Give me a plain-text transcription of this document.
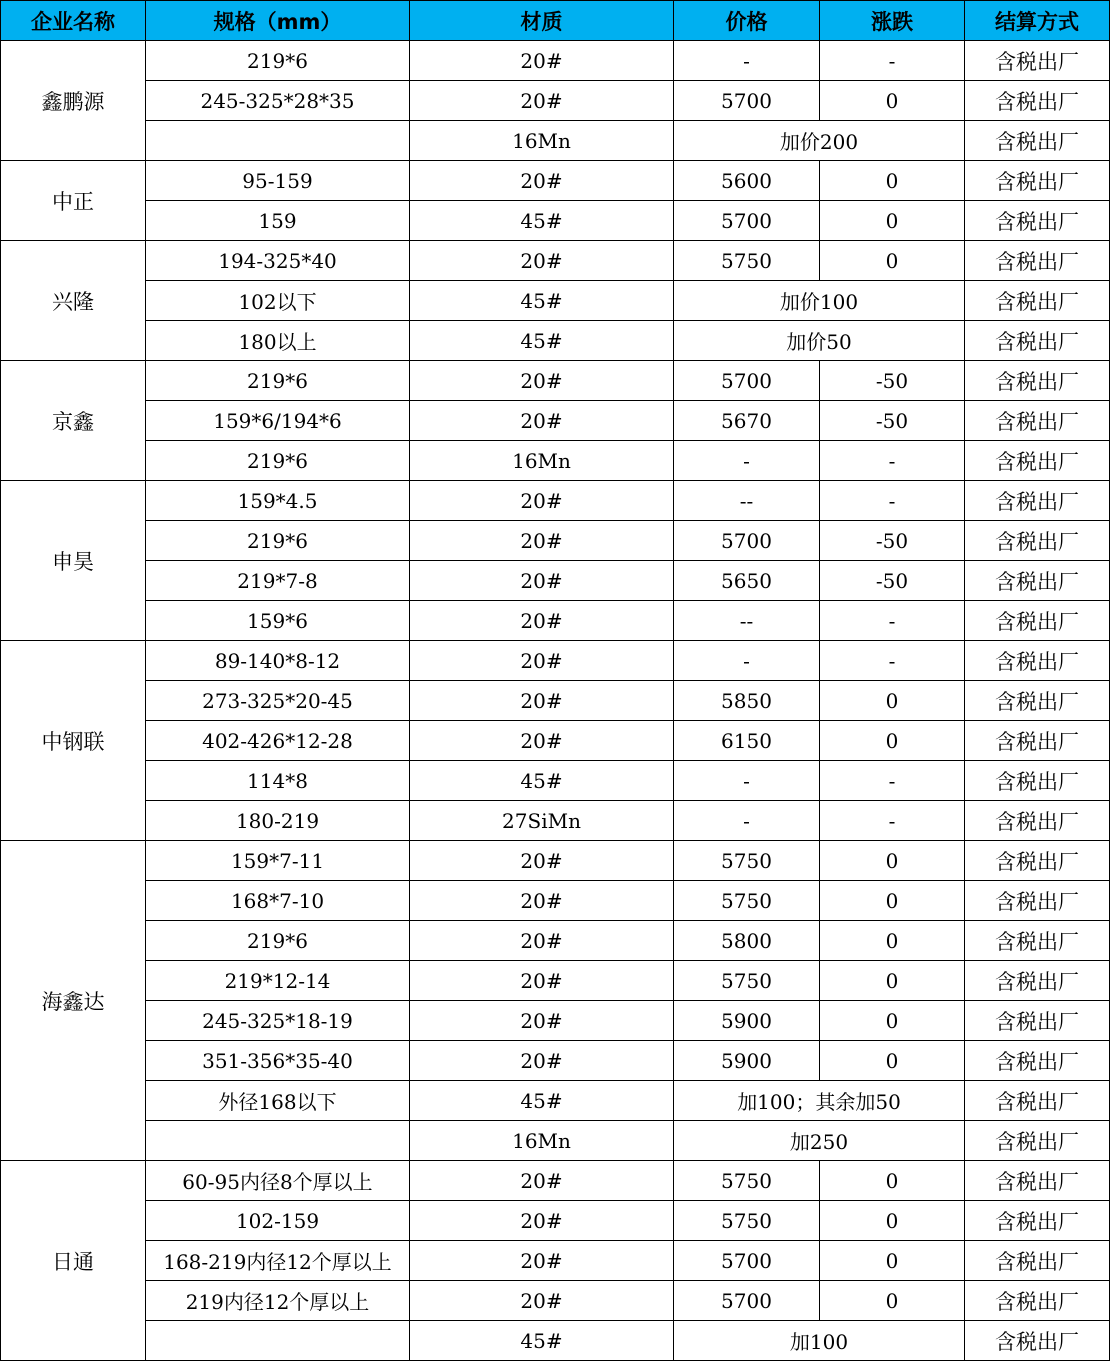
企业名称	规格（mm）	材质	价格	涨跌	结算方式
鑫鹏源	219*6	20#	-	-	含税出厂
	245-325*28*35	20#	5700	0	含税出厂
		16Mn	加价200		含税出厂
中正	95-159	20#	5600	0	含税出厂
	159	45#	5700	0	含税出厂
兴隆	194-325*40	20#	5750	0	含税出厂
	102以下	45#	加价100		含税出厂
	180以上	45#	加价50		含税出厂
京鑫	219*6	20#	5700	-50	含税出厂
	159*6/194*6	20#	5670	-50	含税出厂
	219*6	16Mn	-	-	含税出厂
申昊	159*4.5	20#	--	-	含税出厂
	219*6	20#	5700	-50	含税出厂
	219*7-8	20#	5650	-50	含税出厂
	159*6	20#	--	-	含税出厂
中钢联	89-140*8-12	20#	-	-	含税出厂
	273-325*20-45	20#	5850	0	含税出厂
	402-426*12-28	20#	6150	0	含税出厂
	114*8	45#	-	-	含税出厂
	180-219	27SiMn	-	-	含税出厂
海鑫达	159*7-11	20#	5750	0	含税出厂
	168*7-10	20#	5750	0	含税出厂
	219*6	20#	5800	0	含税出厂
	219*12-14	20#	5750	0	含税出厂
	245-325*18-19	20#	5900	0	含税出厂
	351-356*35-40	20#	5900	0	含税出厂
	外径168以下	45#	加100；其余加50		含税出厂
		16Mn	加250		含税出厂
日通	60-95内径8个厚以上	20#	5750	0	含税出厂
	102-159	20#	5750	0	含税出厂
	168-219内径12个厚以上	20#	5700	0	含税出厂
	219内径12个厚以上	20#	5700	0	含税出厂
		45#	加100		含税出厂
